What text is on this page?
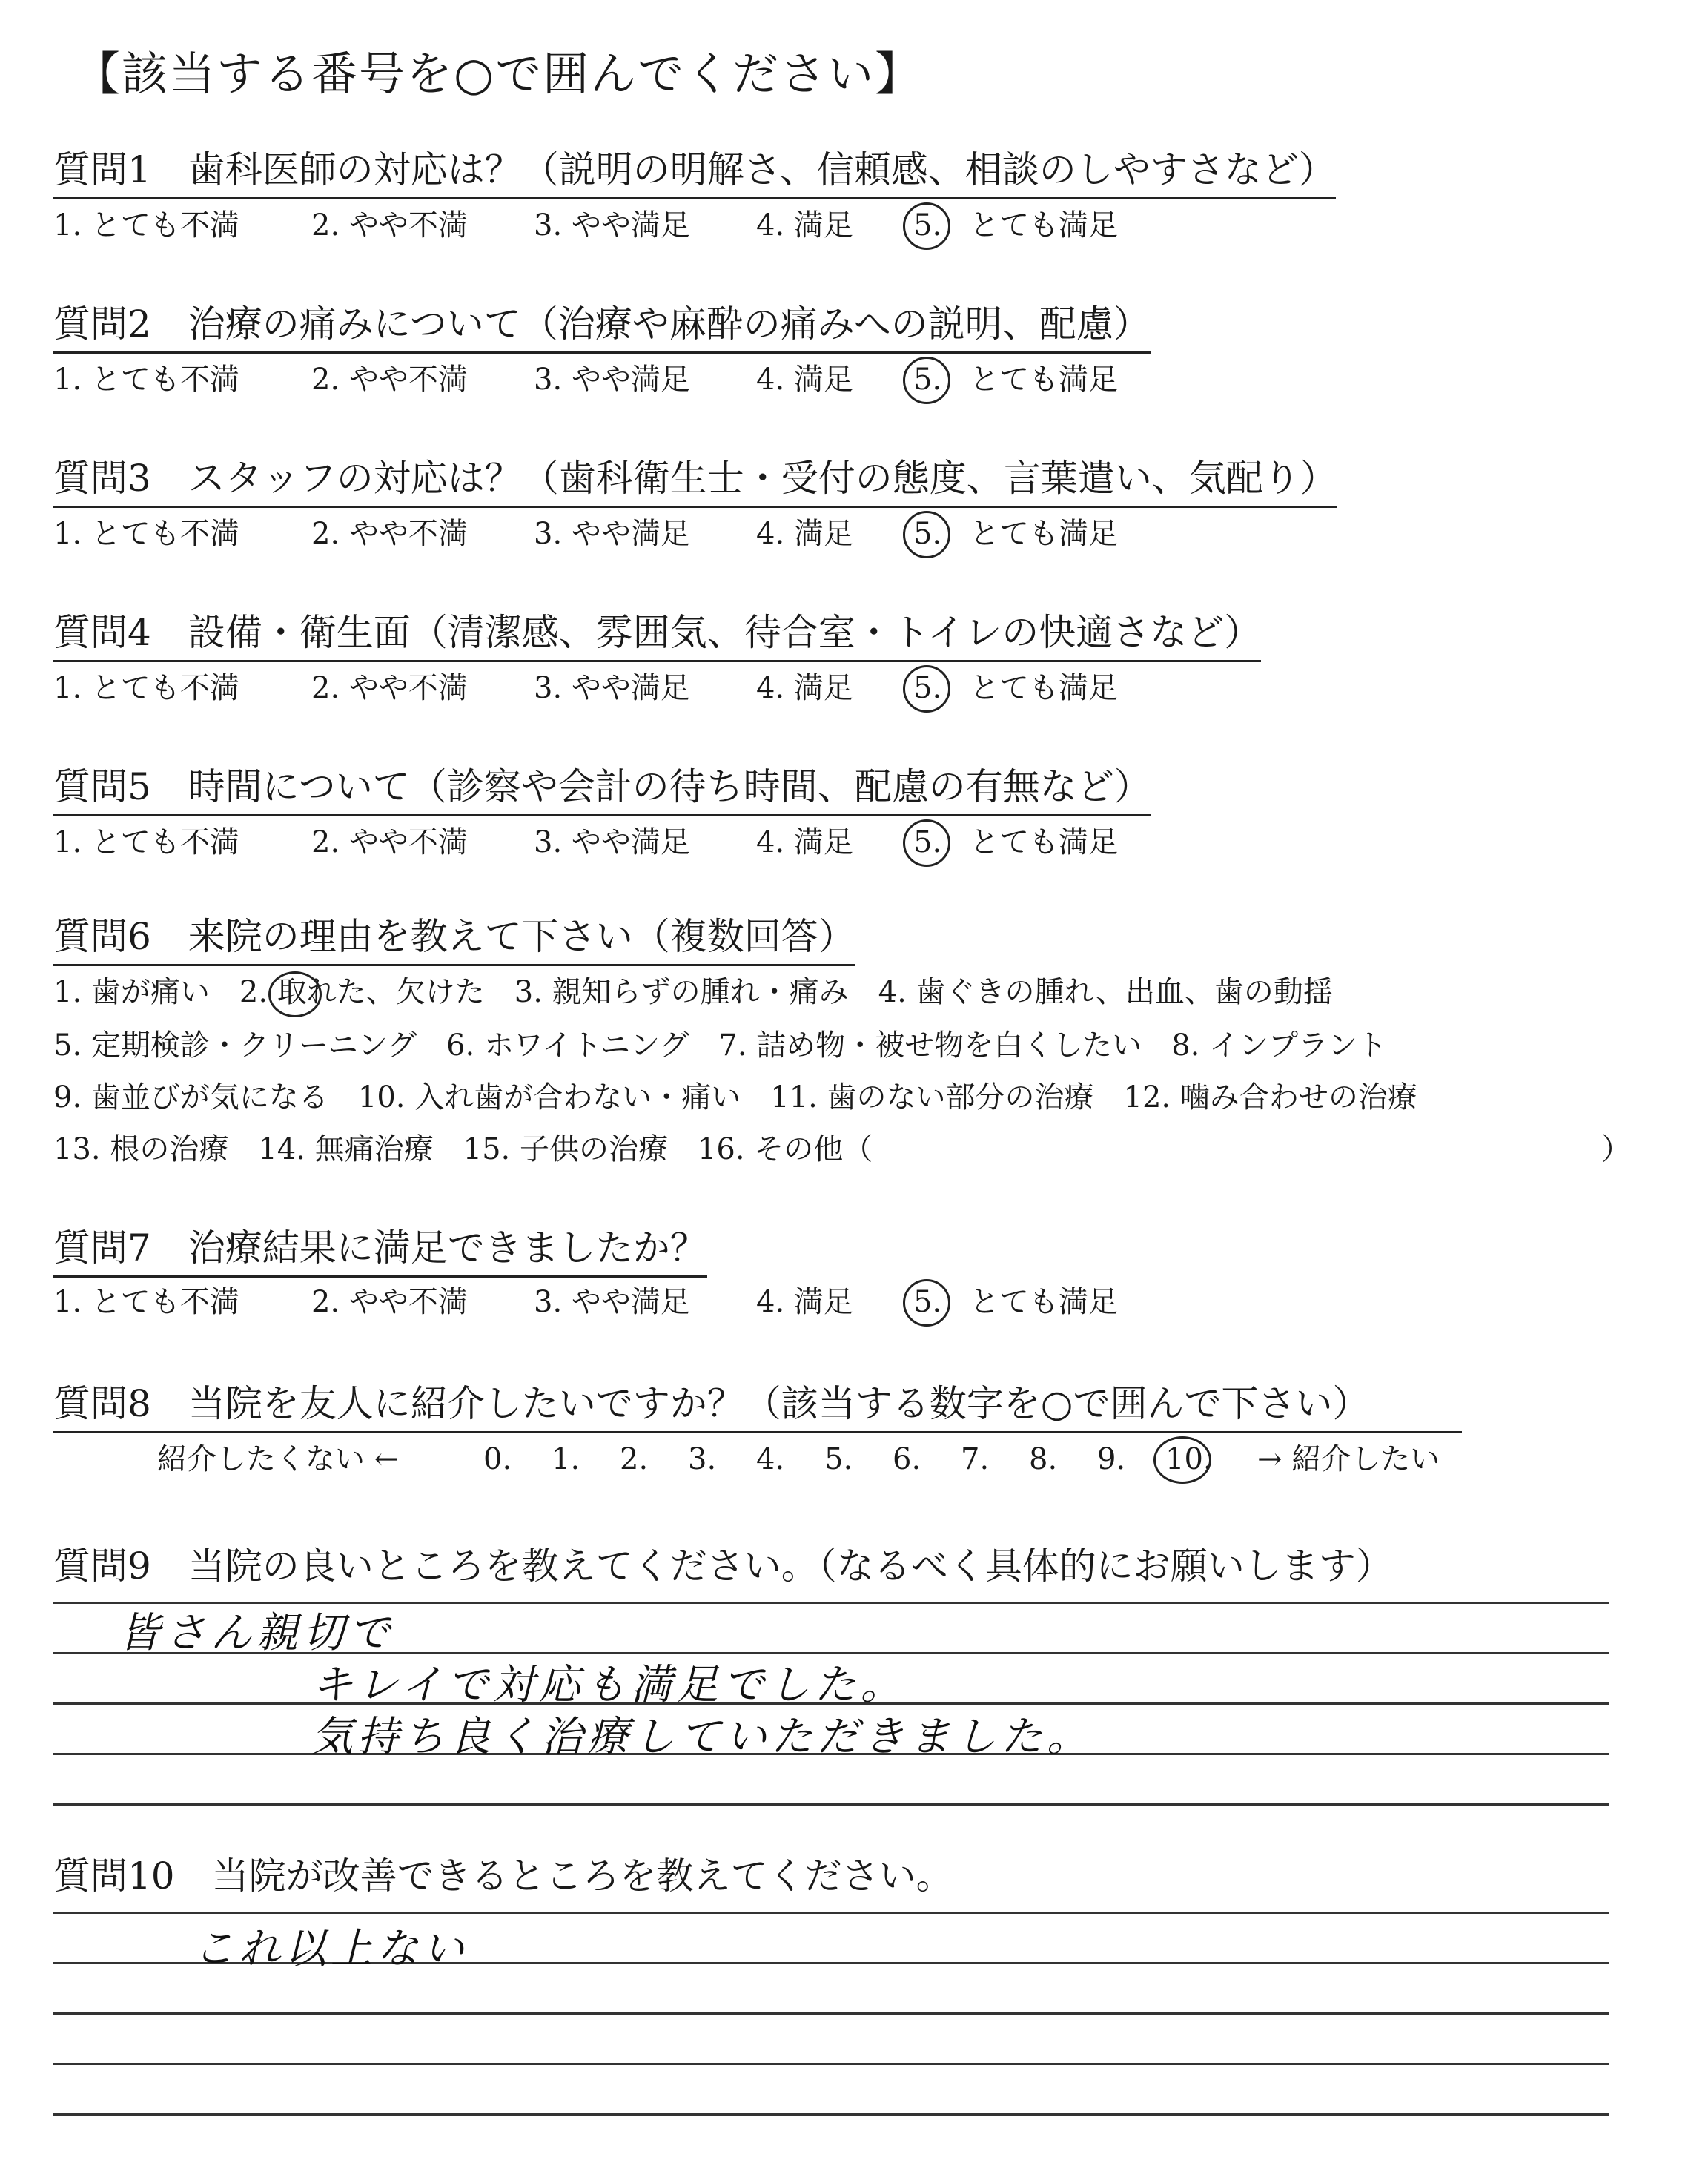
【該当する番号を○で囲んでください】
質問1　歯科医師の対応は？（説明の明解さ、信頼感、相談のしやすさなど）
1. とても不満 2. やや不満 3. やや満足 4. 満足 5. とても満足
質問2　治療の痛みについて（治療や麻酔の痛みへの説明、配慮）
1. とても不満 2. やや不満 3. やや満足 4. 満足 5. とても満足
質問3　スタッフの対応は？（歯科衛生士・受付の態度、言葉遣い、気配り）
1. とても不満 2. やや不満 3. やや満足 4. 満足 5. とても満足
質問4　設備・衛生面（清潔感、雰囲気、待合室・トイレの快適さなど）
1. とても不満 2. やや不満 3. やや満足 4. 満足 5. とても満足
質問5　時間について（診察や会計の待ち時間、配慮の有無など）
1. とても不満 2. やや不満 3. やや満足 4. 満足 5. とても満足
質問6　来院の理由を教えて下さい（複数回答）
1. 歯が痛い　2. 取れた、欠けた　3. 親知らずの腫れ・痛み　4. 歯ぐきの腫れ、出血、歯の動揺
5. 定期検診・クリーニング　6. ホワイトニング　7. 詰め物・被せ物を白くしたい　8. インプラント
9. 歯並びが気になる　10. 入れ歯が合わない・痛い　11. 歯のない部分の治療　12. 噛み合わせの治療
13. 根の治療　14. 無痛治療　15. 子供の治療　16. その他（	）
質問7　治療結果に満足できましたか？
1. とても不満 2. やや不満 3. やや満足 4. 満足 5. とても満足
質問8　当院を友人に紹介したいですか？（該当する数字を○で囲んで下さい）
紹介したくない ←	0. 1. 2. 3. 4. 5. 6. 7. 8. 9. 10. → 紹介したい
質問9　当院の良いところを教えてください。（なるべく具体的にお願いします）
皆さん親切で
キレイで対応も満足でした。
気持ち良く治療していただきました。
質問10　当院が改善できるところを教えてください。
これ以上ない
